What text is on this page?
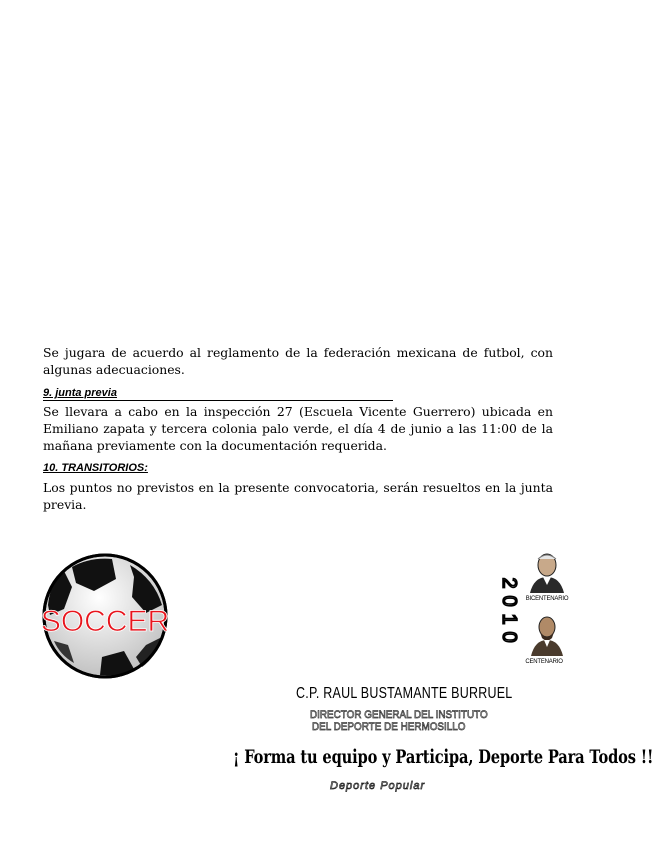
Se jugara de acuerdo al reglamento de la federación mexicana de futbol, con algunas adecuaciones.
9. junta previa
Se llevara a cabo en la inspección 27 (Escuela Vicente Guerrero) ubicada en Emiliano zapata y tercera colonia palo verde, el día 4 de junio a las 11:00 de la mañana previamente con la documentación requerida.
10. TRANSITORIOS:
Los puntos no previstos en la presente convocatoria, serán resueltos en la junta previa.
SOCCER
2
0
1
0
BICENTENARIO
CENTENARIO
C.P. RAUL BUSTAMANTE BURRUEL
DIRECTOR GENERAL DEL INSTITUTO
DEL DEPORTE DE HERMOSILLO
¡ Forma tu equipo y Participa, Deporte Para Todos !!
Deporte Popular
